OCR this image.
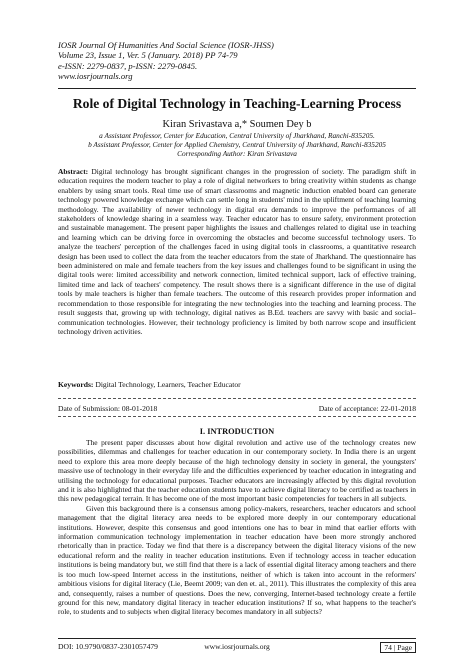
IOSR Journal Of Humanities And Social Science (IOSR-JHSS)
Volume 23, Issue 1, Ver. 5 (January. 2018) PP 74-79
e-ISSN: 2279-0837, p-ISSN: 2279-0845.
www.iosrjournals.org
Role of Digital Technology in Teaching-Learning Process
Kiran Srivastava a,* Soumen Dey b
a Assistant Professor, Center for Education, Central University of Jharkhand, Ranchi-835205.
b Assistant Professor, Center for Applied Chemistry, Central University of Jharkhand, Ranchi-835205
Corresponding Author: Kiran Srivastava
Abstract: Digital technology has brought significant changes in the progression of society. The paradigm shift in education requires the modern teacher to play a role of digital networkers to bring creativity within students as change enablers by using smart tools. Real time use of smart classrooms and magnetic induction enabled board can generate technology powered knowledge exchange which can settle long in students' mind in the upliftment of teaching learning methodology. The availability of newer technology in digital era demands to improve the performances of all stakeholders of knowledge sharing in a seamless way. Teacher educator has to ensure safety, environment protection and sustainable management. The present paper highlights the issues and challenges related to digital use in teaching and learning which can be driving force in overcoming the obstacles and become successful technology users. To analyze the teachers' perception of the challenges faced in using digital tools in classrooms, a quantitative research design has been used to collect the data from the teacher educators from the state of Jharkhand. The questionnaire has been administered on male and female teachers from the key issues and challenges found to be significant in using the digital tools were: limited accessibility and network connection, limited technical support, lack of effective training, limited time and lack of teachers' competency. The result shows there is a significant difference in the use of digital tools by male teachers is higher than female teachers. The outcome of this research provides proper information and recommendation to those responsible for integrating the new technologies into the teaching and learning process. The result suggests that, growing up with technology, digital natives as B.Ed. teachers are savvy with basic and social–communication technologies. However, their technology proficiency is limited by both narrow scope and insufficient technology driven activities.
Keywords: Digital Technology, Learners, Teacher Educator
Date of Submission: 08-01-2018	Date of acceptance: 22-01-2018
I. INTRODUCTION

The present paper discusses about how digital revolution and active use of the technology creates new possibilities, dilemmas and challenges for teacher education in our contemporary society. In India there is an urgent need to explore this area more deeply because of the high technology density in society in general, the youngsters' massive use of technology in their everyday life and the difficulties experienced by teacher education in integrating and utilising the technology for educational purposes. Teacher educators are increasingly affected by this digital revolution and it is also highlighted that the teacher education students have to achieve digital literacy to be certified as teachers in this new pedagogical terrain. It has become one of the most important basic competencies for teachers in all subjects.

Given this background there is a consensus among policy-makers, researchers, teacher educators and school management that the digital literacy area needs to be explored more deeply in our contemporary educational institutions. However, despite this consensus and good intentions one has to bear in mind that earlier efforts with information communication technology implementation in teacher education have been more strongly anchored rhetorically than in practice. Today we find that there is a discrepancy between the digital literacy visions of the new educational reform and the reality in teacher education institutions. Even if technology access in teacher education institutions is being mandatory but, we still find that there is a lack of essential digital literacy among teachers and there is too much low-speed Internet access in the institutions, neither of which is taken into account in the reformers' ambitious visions for digital literacy (Lie, Beemt 2009; van den et. al., 2011). This illustrates the complexity of this area and, consequently, raises a number of questions. Does the new, converging, Internet-based technology create a fertile ground for this new, mandatory digital literacy in teacher education institutions? If so, what happens to the teacher's role, to students and to subjects when digital literacy becomes mandatory in all subjects?

DOI: 10.9790/0837-2301057479	www.iosrjournals.org	74 | Page
